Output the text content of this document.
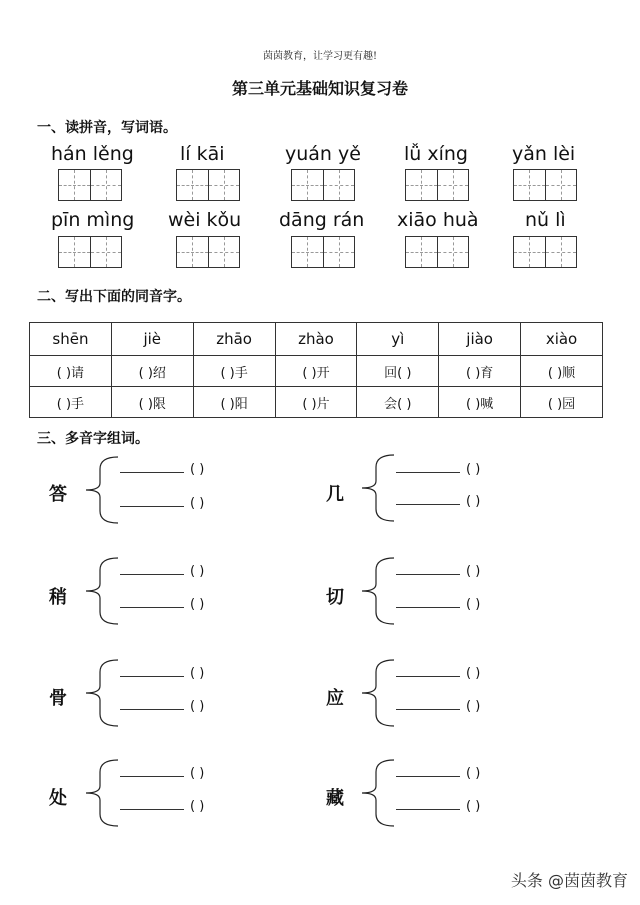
茵茵教育，让学习更有趣!
第三单元基础知识复习卷
一、读拼音，写词语。
hán lěng lí kāi	yuán yě lǚ xíng yǎn lèi
pīn mìng wèi kǒu dāng rán xiāo huà nǔ lì
二、写出下面的同音字。
shēn	jiè	zhāo	zhào	yì	jiào	xiào
( )请	( )绍	( )手	( )开	回( )	( )育	( )顺
( )手	( )限	( )阳	( )片	会( )	( )喊	( )园
三、多音字组词。
答
( )
( )
稍
( )
( )
骨
( )
( )
处
( )
( )
几
( )
( )
切
( )
( )
应
( )
( )
藏
( )
( )
头条 @茵茵教育
